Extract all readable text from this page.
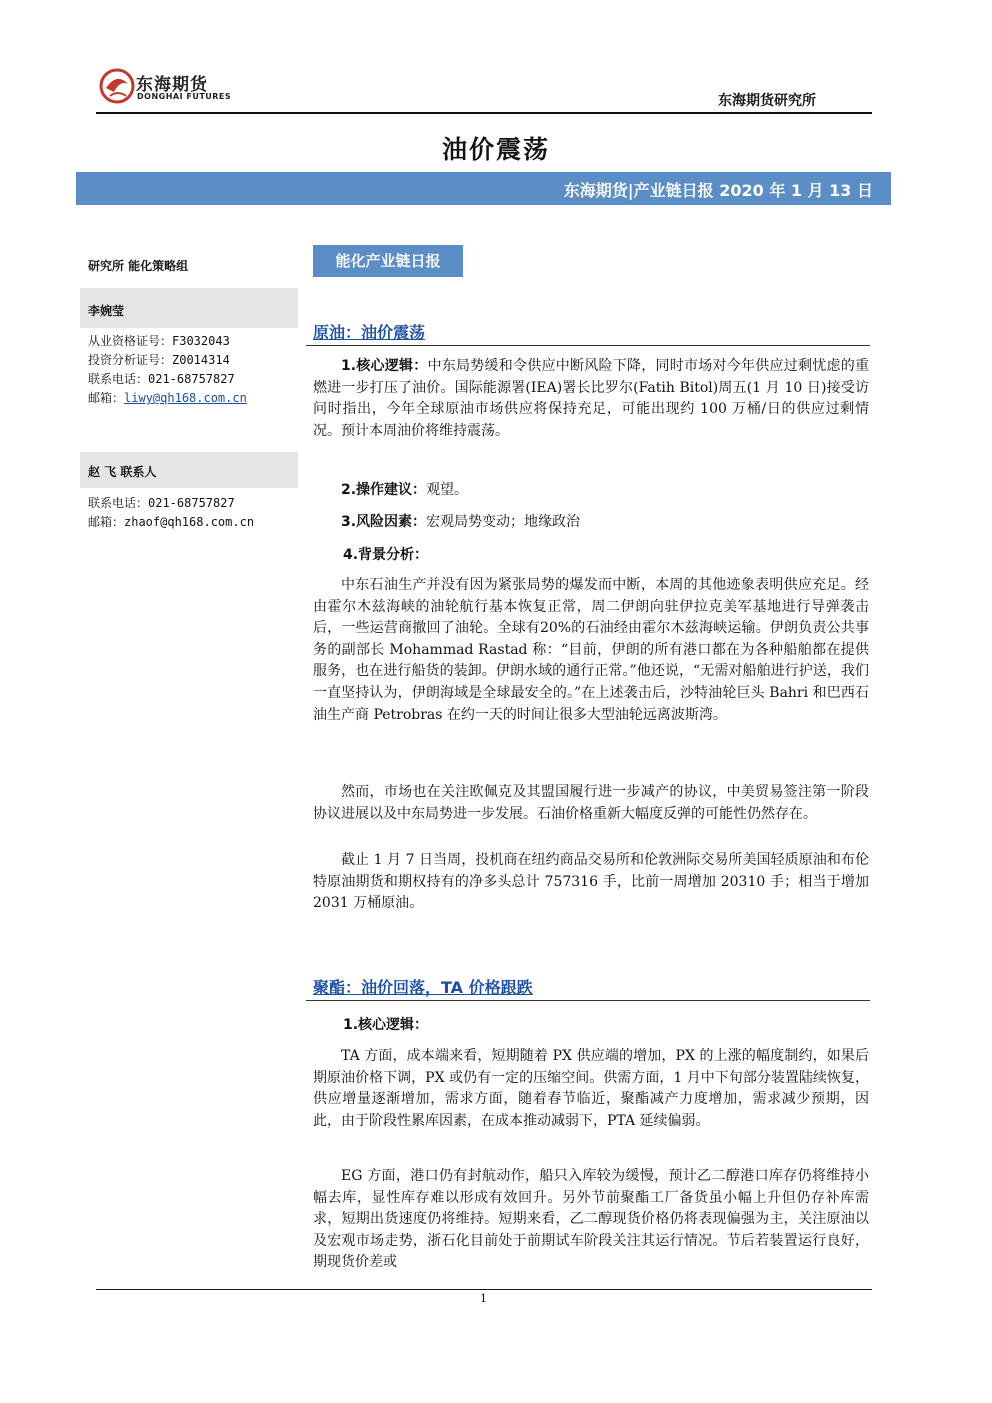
东海期货
DONGHAI FUTURES	东海期货研究所
油价震荡
东海期货|产业链日报 2020 年 1 月 13 日
研究所 能化策略组
李婉莹
从业资格证号：F3032043
投资分析证号：Z0014314
联系电话：021-68757827
邮箱：liwy@qh168.com.cn
赵 飞 联系人
联系电话：021-68757827
邮箱：zhaof@qh168.com.cn
能化产业链日报
原油：油价震荡
1.核心逻辑：中东局势缓和令供应中断风险下降，同时市场对今年供应过剩忧虑的重燃进一步打压了油价。国际能源署(IEA)署长比罗尔(Fatih Bitol)周五(1 月 10 日)接受访问时指出，今年全球原油市场供应将保持充足，可能出现约 100 万桶/日的供应过剩情况。预计本周油价将维持震荡。
2.操作建议：观望。
3.风险因素：宏观局势变动；地缘政治
4.背景分析：
中东石油生产并没有因为紧张局势的爆发而中断，本周的其他迹象表明供应充足。经由霍尔木兹海峡的油轮航行基本恢复正常，周二伊朗向驻伊拉克美军基地进行导弹袭击后，一些运营商撤回了油轮。全球有20%的石油经由霍尔木兹海峡运输。伊朗负责公共事务的副部长 Mohammad Rastad 称：“目前，伊朗的所有港口都在为各种船舶都在提供服务，也在进行船货的装卸。伊朗水域的通行正常。”他还说，“无需对船舶进行护送，我们一直坚持认为，伊朗海域是全球最安全的。”在上述袭击后，沙特油轮巨头 Bahri 和巴西石油生产商 Petrobras 在约一天的时间让很多大型油轮远离波斯湾。
然而，市场也在关注欧佩克及其盟国履行进一步减产的协议，中美贸易签注第一阶段协议进展以及中东局势进一步发展。石油价格重新大幅度反弹的可能性仍然存在。
截止 1 月 7 日当周，投机商在纽约商品交易所和伦敦洲际交易所美国轻质原油和布伦特原油期货和期权持有的净多头总计 757316 手，比前一周增加 20310 手；相当于增加 2031 万桶原油。
聚酯：油价回落，TA 价格跟跌
1.核心逻辑：
TA 方面，成本端来看，短期随着 PX 供应端的增加，PX 的上涨的幅度制约，如果后期原油价格下调，PX 或仍有一定的压缩空间。供需方面，1 月中下旬部分装置陆续恢复，供应增量逐渐增加，需求方面，随着春节临近，聚酯减产力度增加，需求减少预期，因此，由于阶段性累库因素，在成本推动减弱下，PTA 延续偏弱。
EG 方面，港口仍有封航动作，船只入库较为缓慢，预计乙二醇港口库存仍将维持小幅去库，显性库存难以形成有效回升。另外节前聚酯工厂备货虽小幅上升但仍存补库需求，短期出货速度仍将维持。短期来看，乙二醇现货价格仍将表现偏强为主，关注原油以及宏观市场走势，浙石化目前处于前期试车阶段关注其运行情况。节后若装置运行良好，期现货价差或
1
